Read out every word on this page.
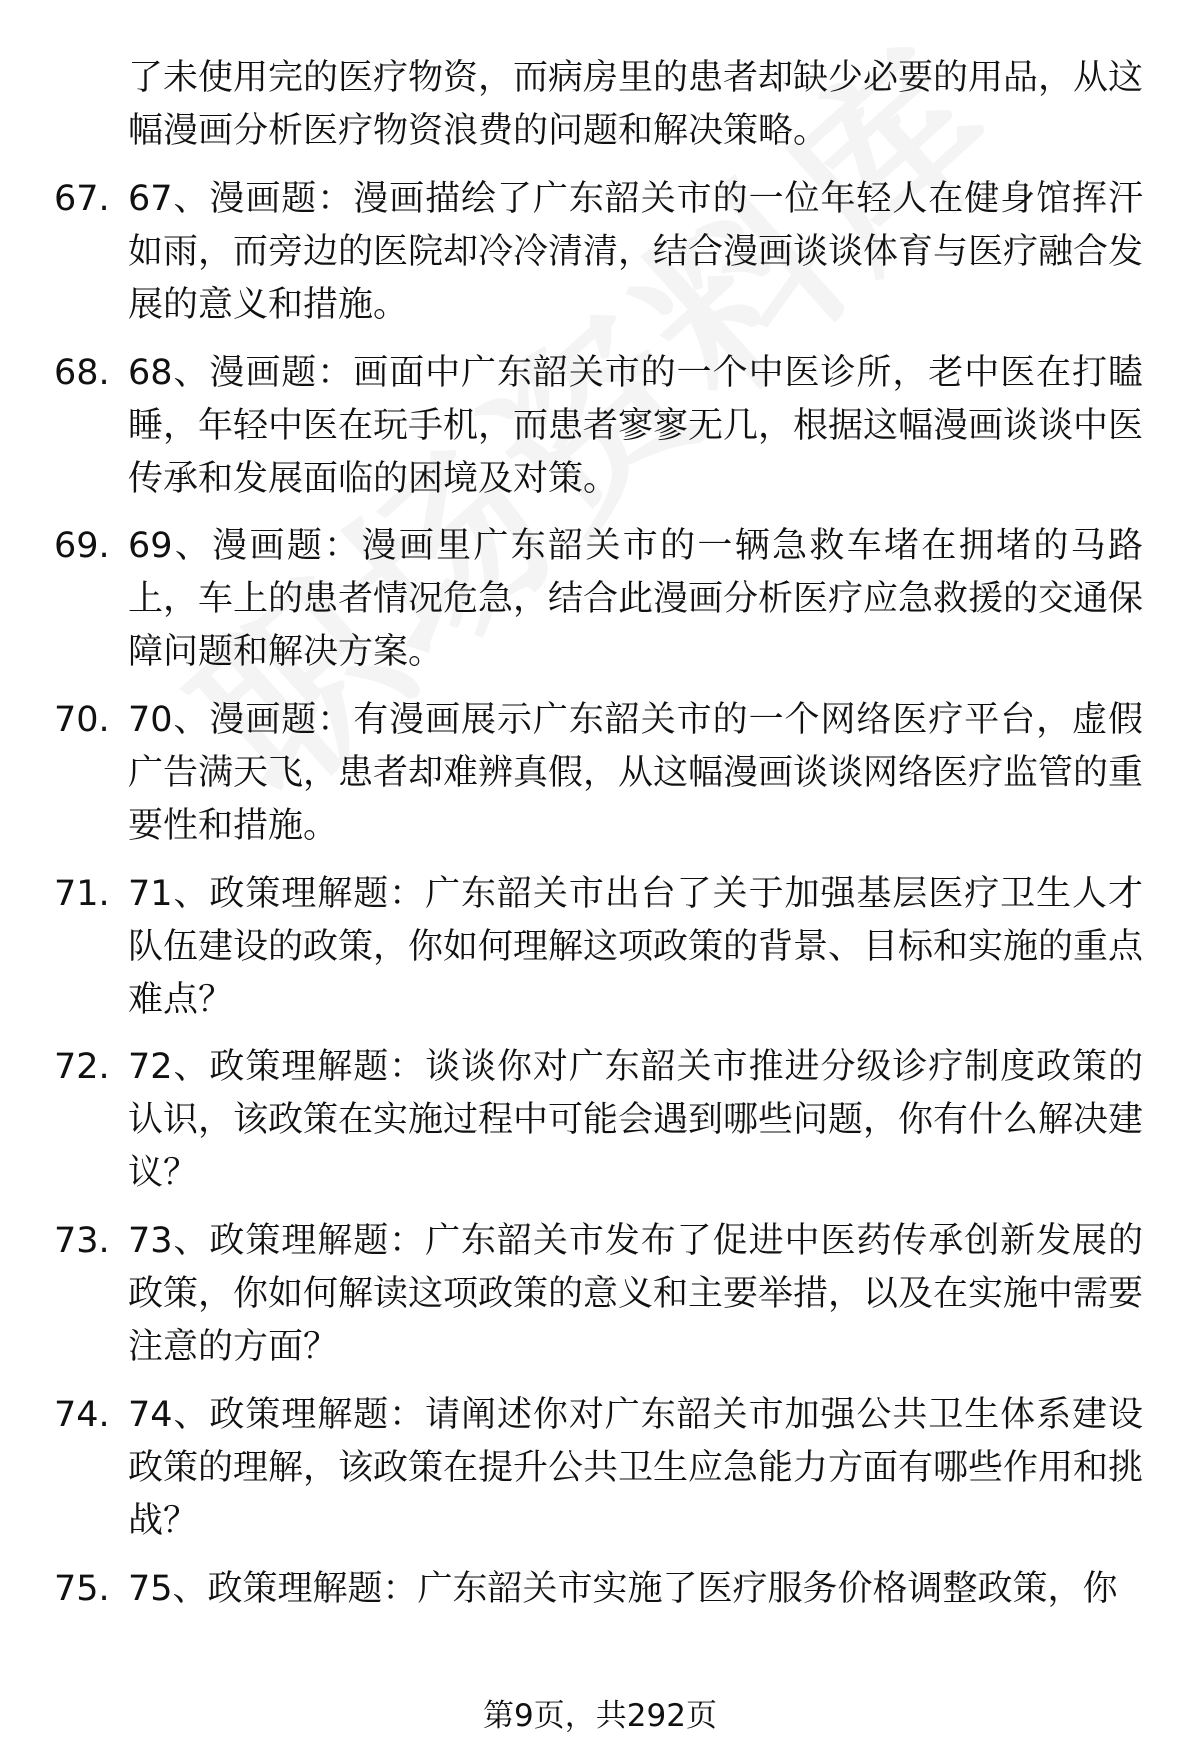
了未使用完的医疗物资，而病房里的患者却缺少必要的用品，从这幅漫画分析医疗物资浪费的问题和解决策略。
67. 67、漫画题：漫画描绘了广东韶关市的一位年轻人在健身馆挥汗如雨，而旁边的医院却冷冷清清，结合漫画谈谈体育与医疗融合发展的意义和措施。
68. 68、漫画题：画面中广东韶关市的一个中医诊所，老中医在打瞌睡，年轻中医在玩手机，而患者寥寥无几，根据这幅漫画谈谈中医传承和发展面临的困境及对策。
69. 69、漫画题：漫画里广东韶关市的一辆急救车堵在拥堵的马路上，车上的患者情况危急，结合此漫画分析医疗应急救援的交通保障问题和解决方案。
70. 70、漫画题：有漫画展示广东韶关市的一个网络医疗平台，虚假广告满天飞，患者却难辨真假，从这幅漫画谈谈网络医疗监管的重要性和措施。
71. 71、政策理解题：广东韶关市出台了关于加强基层医疗卫生人才队伍建设的政策，你如何理解这项政策的背景、目标和实施的重点难点？
72. 72、政策理解题：谈谈你对广东韶关市推进分级诊疗制度政策的认识，该政策在实施过程中可能会遇到哪些问题，你有什么解决建议？
73. 73、政策理解题：广东韶关市发布了促进中医药传承创新发展的政策，你如何解读这项政策的意义和主要举措，以及在实施中需要注意的方面？
74. 74、政策理解题：请阐述你对广东韶关市加强公共卫生体系建设政策的理解，该政策在提升公共卫生应急能力方面有哪些作用和挑战？
75. 75、政策理解题：广东韶关市实施了医疗服务价格调整政策，你
第9页，共292页
